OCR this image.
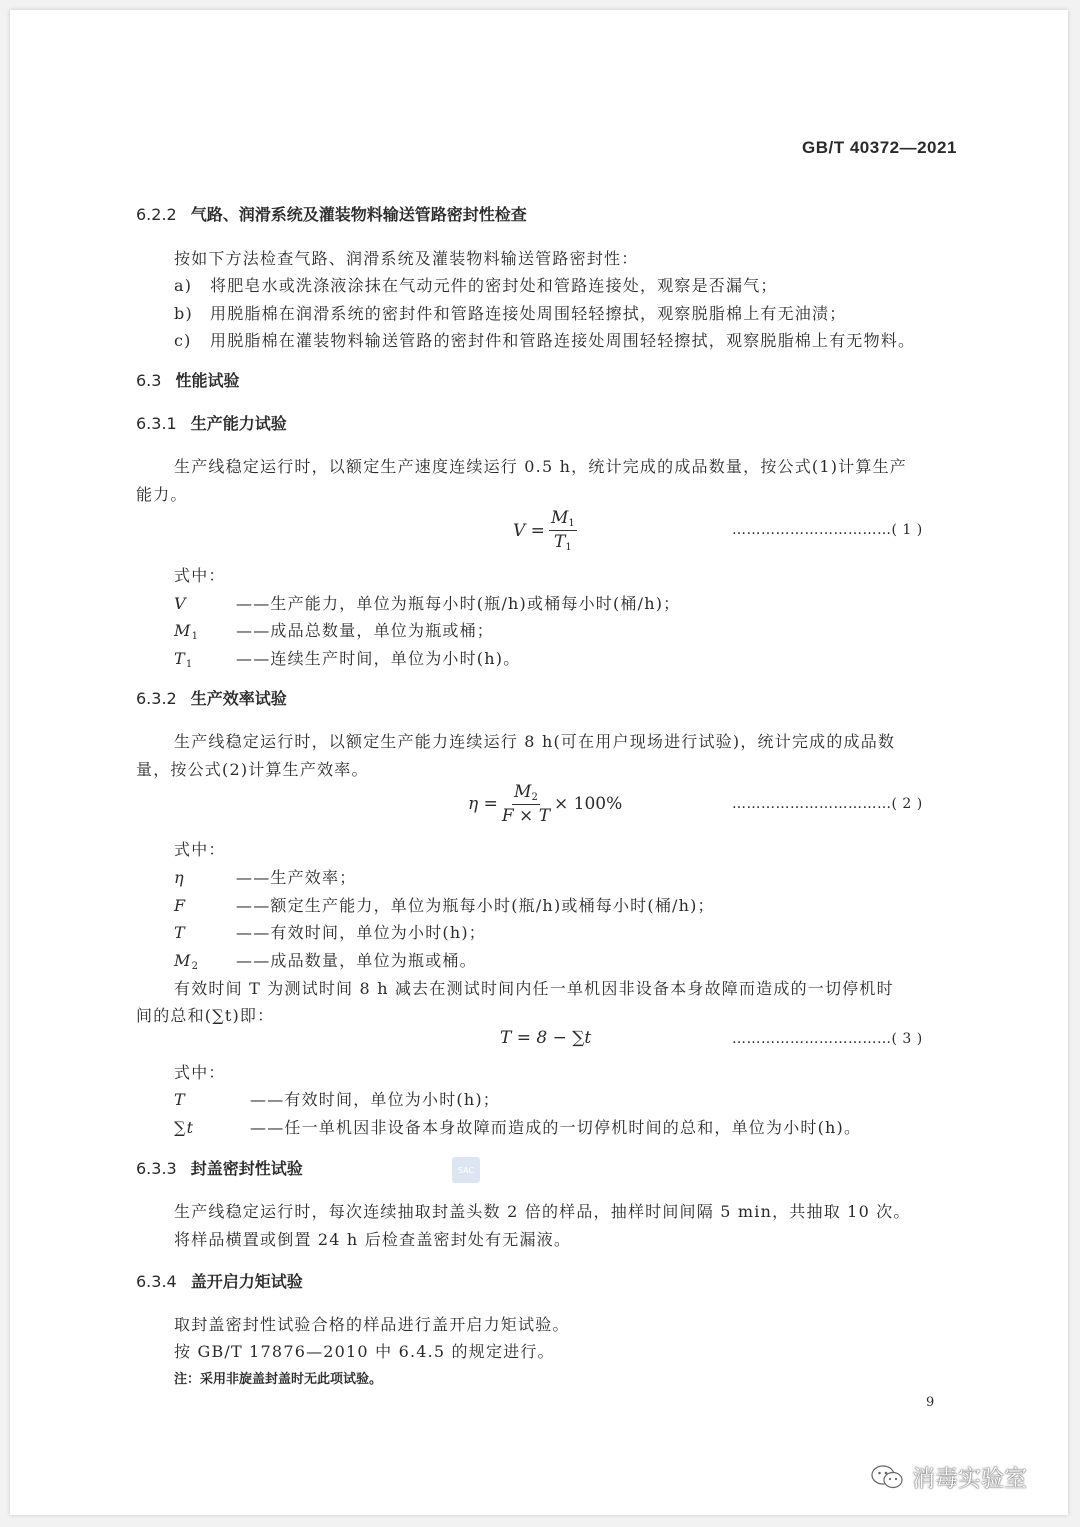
GB/T 40372—2021
6.2.2 气路、润滑系统及灌装物料输送管路密封性检查
按如下方法检查气路、润滑系统及灌装物料输送管路密封性：
a) 将肥皂水或洗涤液涂抹在气动元件的密封处和管路连接处，观察是否漏气；
b) 用脱脂棉在润滑系统的密封件和管路连接处周围轻轻擦拭，观察脱脂棉上有无油渍；
c) 用脱脂棉在灌装物料输送管路的密封件和管路连接处周围轻轻擦拭，观察脱脂棉上有无物料。
6.3 性能试验
6.3.1 生产能力试验
生产线稳定运行时，以额定生产速度连续运行 0.5 h，统计完成的成品数量，按公式(1)计算生产
能力。
$V = \frac{M_1}{T_1}$	……………………………( 1 )
式中：
V	——生产能力，单位为瓶每小时(瓶/h)或桶每小时(桶/h)；
$M_1$ ——成品总数量，单位为瓶或桶；
$T_1$	——连续生产时间，单位为小时(h)。
6.3.2 生产效率试验
生产线稳定运行时，以额定生产能力连续运行 8 h(可在用户现场进行试验)，统计完成的成品数
量，按公式(2)计算生产效率。
$\eta = \frac{M_2}{F \times T} \times 100\%$	……………………………( 2 )
式中：
η	——生产效率；
F	——额定生产能力，单位为瓶每小时(瓶/h)或桶每小时(桶/h)；
T	——有效时间，单位为小时(h)；
$M_2$ ——成品数量，单位为瓶或桶。
有效时间 T 为测试时间 8 h 减去在测试时间内任一单机因非设备本身故障而造成的一切停机时
间的总和(∑t)即：
T = 8 − ∑t	……………………………( 3 )
式中：
T	——有效时间，单位为小时(h)；
∑t	——任一单机因非设备本身故障而造成的一切停机时间的总和，单位为小时(h)。
6.3.3 封盖密封性试验
生产线稳定运行时，每次连续抽取封盖头数 2 倍的样品，抽样时间间隔 5 min，共抽取 10 次。
将样品横置或倒置 24 h 后检查盖密封处有无漏液。
6.3.4 盖开启力矩试验
取封盖密封性试验合格的样品进行盖开启力矩试验。
按 GB/T 17876—2010 中 6.4.5 的规定进行。
注：采用非旋盖封盖时无此项试验。
9
SAC
消毒实验室
